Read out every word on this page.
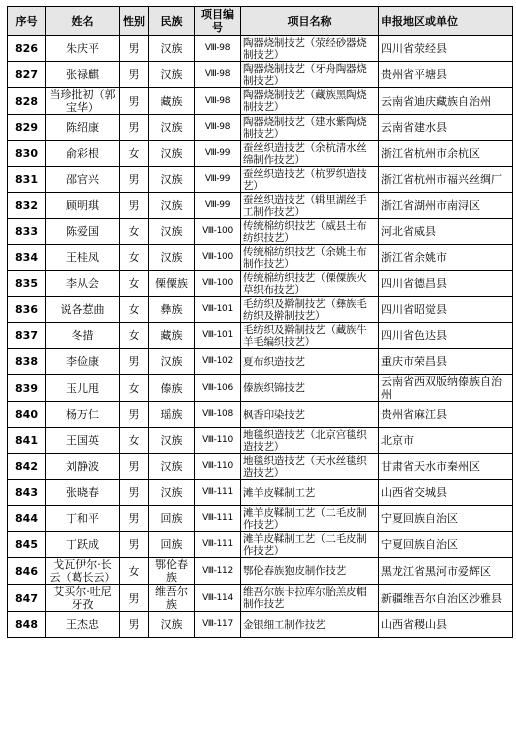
序号	姓名	性别	民族	项目编号	项目名称	申报地区或单位
826	朱庆平	男	汉族	Ⅷ-98	陶器烧制技艺（荥经砂器烧制技艺）	四川省荥经县
827	张禄麒	男	汉族	Ⅷ-98	陶器烧制技艺（牙舟陶器烧制技艺）	贵州省平塘县
828	当珍批初（郭宝华）	男	藏族	Ⅷ-98	陶器烧制技艺（藏族黑陶烧制技艺）	云南省迪庆藏族自治州
829	陈绍康	男	汉族	Ⅷ-98	陶器烧制技艺（建水紫陶烧制技艺）	云南省建水县
830	俞彩根	女	汉族	Ⅷ-99	蚕丝织造技艺（余杭清水丝绵制作技艺）	浙江省杭州市余杭区
831	邵官兴	男	汉族	Ⅷ-99	蚕丝织造技艺（杭罗织造技艺）	浙江省杭州市福兴丝绸厂
832	顾明琪	男	汉族	Ⅷ-99	蚕丝织造技艺（辑里湖丝手工制作技艺）	浙江省湖州市南浔区
833	陈爱国	女	汉族	Ⅷ-100	传统棉纺织技艺（威县土布纺织技艺）	河北省威县
834	王桂凤	女	汉族	Ⅷ-100	传统棉纺织技艺（余姚土布制作技艺）	浙江省余姚市
835	李从会	女	傈僳族	Ⅷ-100	传统棉纺织技艺（傈僳族火草织布技艺）	四川省德昌县
836	说各惹曲	女	彝族	Ⅷ-101	毛纺织及擀制技艺（彝族毛纺织及擀制技艺）	四川省昭觉县
837	冬措	女	藏族	Ⅷ-101	毛纺织及擀制技艺（藏族牛羊毛编织技艺）	四川省色达县
838	李俭康	男	汉族	Ⅷ-102	夏布织造技艺	重庆市荣昌县
839	玉儿甩	女	傣族	Ⅷ-106	傣族织锦技艺	云南省西双版纳傣族自治州
840	杨万仁	男	瑶族	Ⅷ-108	枫香印染技艺	贵州省麻江县
841	王国英	女	汉族	Ⅷ-110	地毯织造技艺（北京宫毯织造技艺）	北京市
842	刘静波	男	汉族	Ⅷ-110	地毯织造技艺（天水丝毯织造技艺）	甘肃省天水市秦州区
843	张晓春	男	汉族	Ⅷ-111	滩羊皮鞣制工艺	山西省交城县
844	丁和平	男	回族	Ⅷ-111	滩羊皮鞣制工艺（二毛皮制作技艺）	宁夏回族自治区
845	丁跃成	男	回族	Ⅷ-111	滩羊皮鞣制工艺（二毛皮制作技艺）	宁夏回族自治区
846	戈瓦伊尔·长云（葛长云）	女	鄂伦春族	Ⅷ-112	鄂伦春族狍皮制作技艺	黑龙江省黑河市爱辉区
847	艾买尔·吐尼牙孜	男	维吾尔族	Ⅷ-114	维吾尔族卡拉库尔胎羔皮帽制作技艺	新疆维吾尔自治区沙雅县
848	王杰忠	男	汉族	Ⅷ-117	金银细工制作技艺	山西省稷山县
